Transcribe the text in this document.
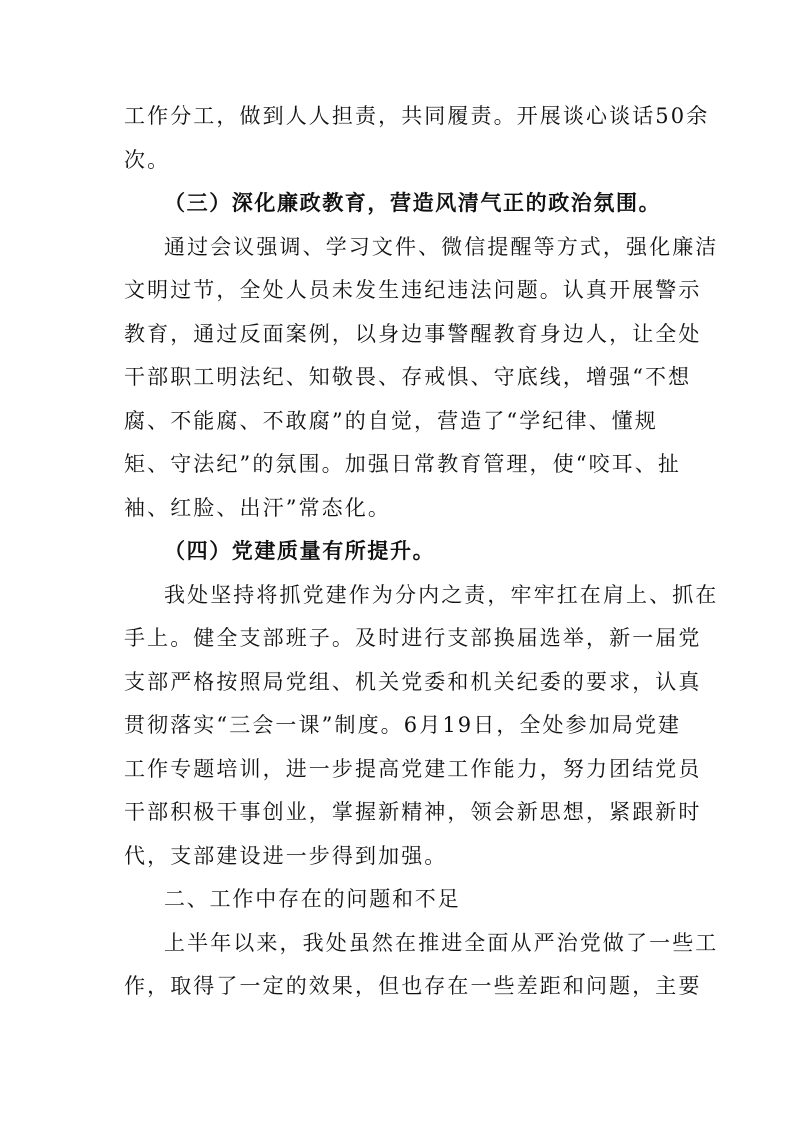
工作分工，做到人人担责，共同履责。开展谈心谈话50余
次。
（三）深化廉政教育，营造风清气正的政治氛围。
通过会议强调、学习文件、微信提醒等方式，强化廉洁
文明过节，全处人员未发生违纪违法问题。认真开展警示
教育，通过反面案例，以身边事警醒教育身边人，让全处
干部职工明法纪、知敬畏、存戒惧、守底线，增强“不想
腐、不能腐、不敢腐”的自觉，营造了“学纪律、懂规
矩、守法纪”的氛围。加强日常教育管理，使“咬耳、扯
袖、红脸、出汗”常态化。
（四）党建质量有所提升。
我处坚持将抓党建作为分内之责，牢牢扛在肩上、抓在
手上。健全支部班子。及时进行支部换届选举，新一届党
支部严格按照局党组、机关党委和机关纪委的要求，认真
贯彻落实“三会一课”制度。6月19日，全处参加局党建
工作专题培训，进一步提高党建工作能力，努力团结党员
干部积极干事创业，掌握新精神，领会新思想，紧跟新时
代，支部建设进一步得到加强。
二、工作中存在的问题和不足
上半年以来，我处虽然在推进全面从严治党做了一些工
作，取得了一定的效果，但也存在一些差距和问题，主要
